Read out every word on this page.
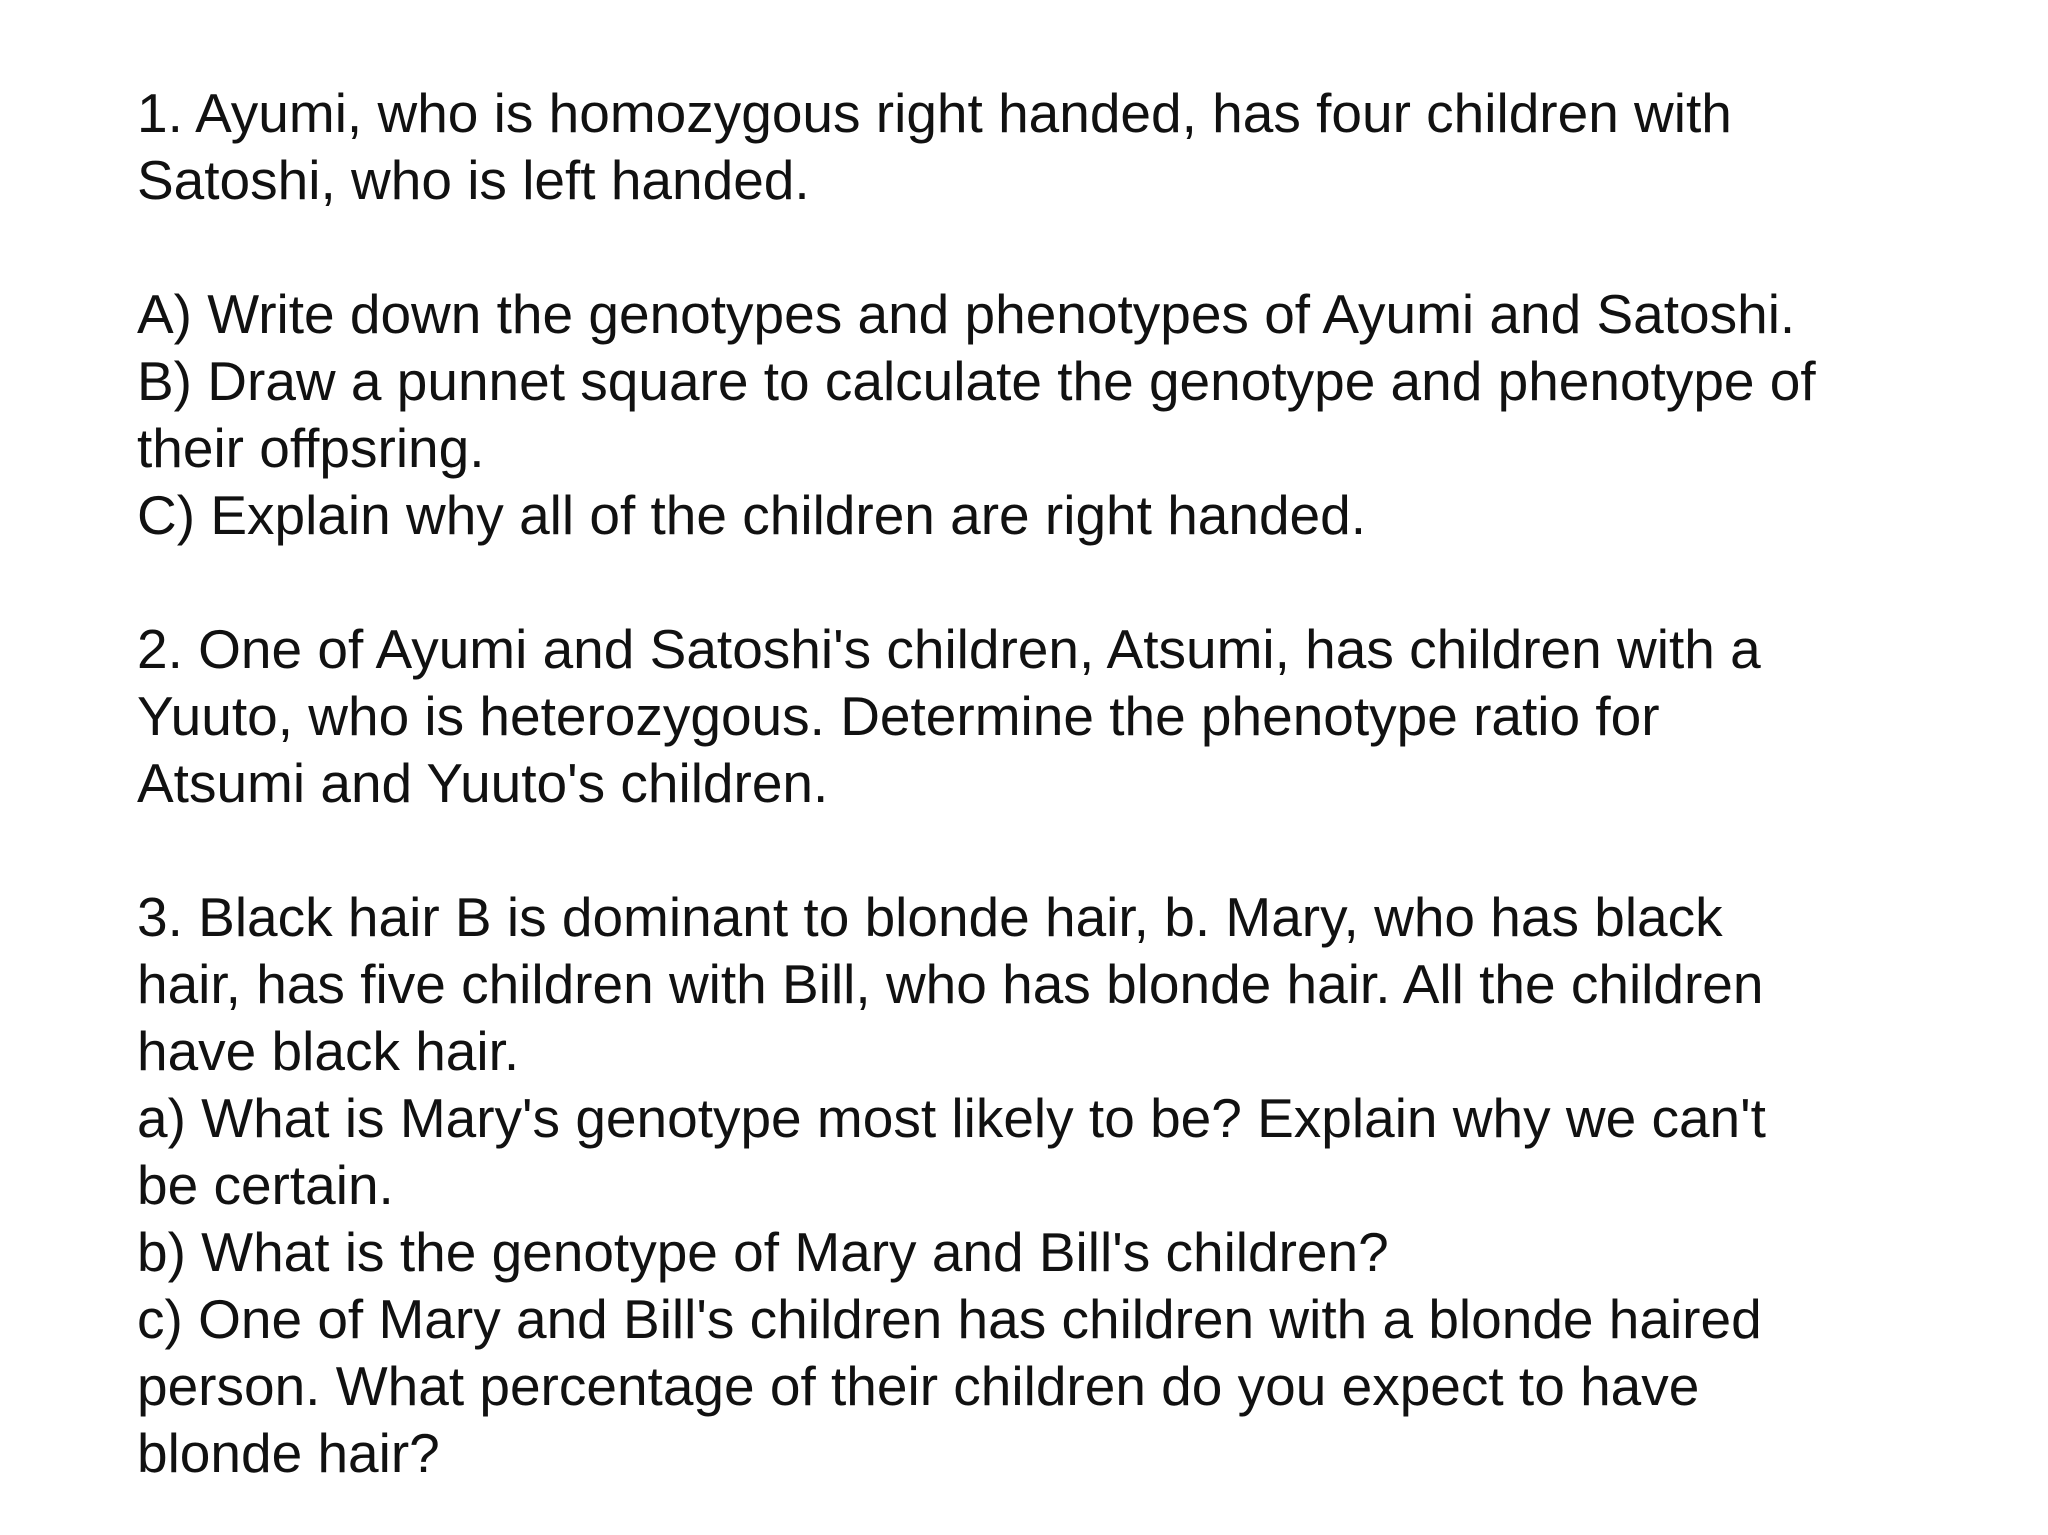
1. Ayumi, who is homozygous right handed, has four children with
Satoshi, who is left handed.
A) Write down the genotypes and phenotypes of Ayumi and Satoshi.
B) Draw a punnet square to calculate the genotype and phenotype of
their offpsring.
C) Explain why all of the children are right handed.
2. One of Ayumi and Satoshi's children, Atsumi, has children with a
Yuuto, who is heterozygous. Determine the phenotype ratio for
Atsumi and Yuuto's children.
3. Black hair B is dominant to blonde hair, b. Mary, who has black
hair, has five children with Bill, who has blonde hair. All the children
have black hair.
a) What is Mary's genotype most likely to be? Explain why we can't
be certain.
b) What is the genotype of Mary and Bill's children?
c) One of Mary and Bill's children has children with a blonde haired
person. What percentage of their children do you expect to have
blonde hair?
